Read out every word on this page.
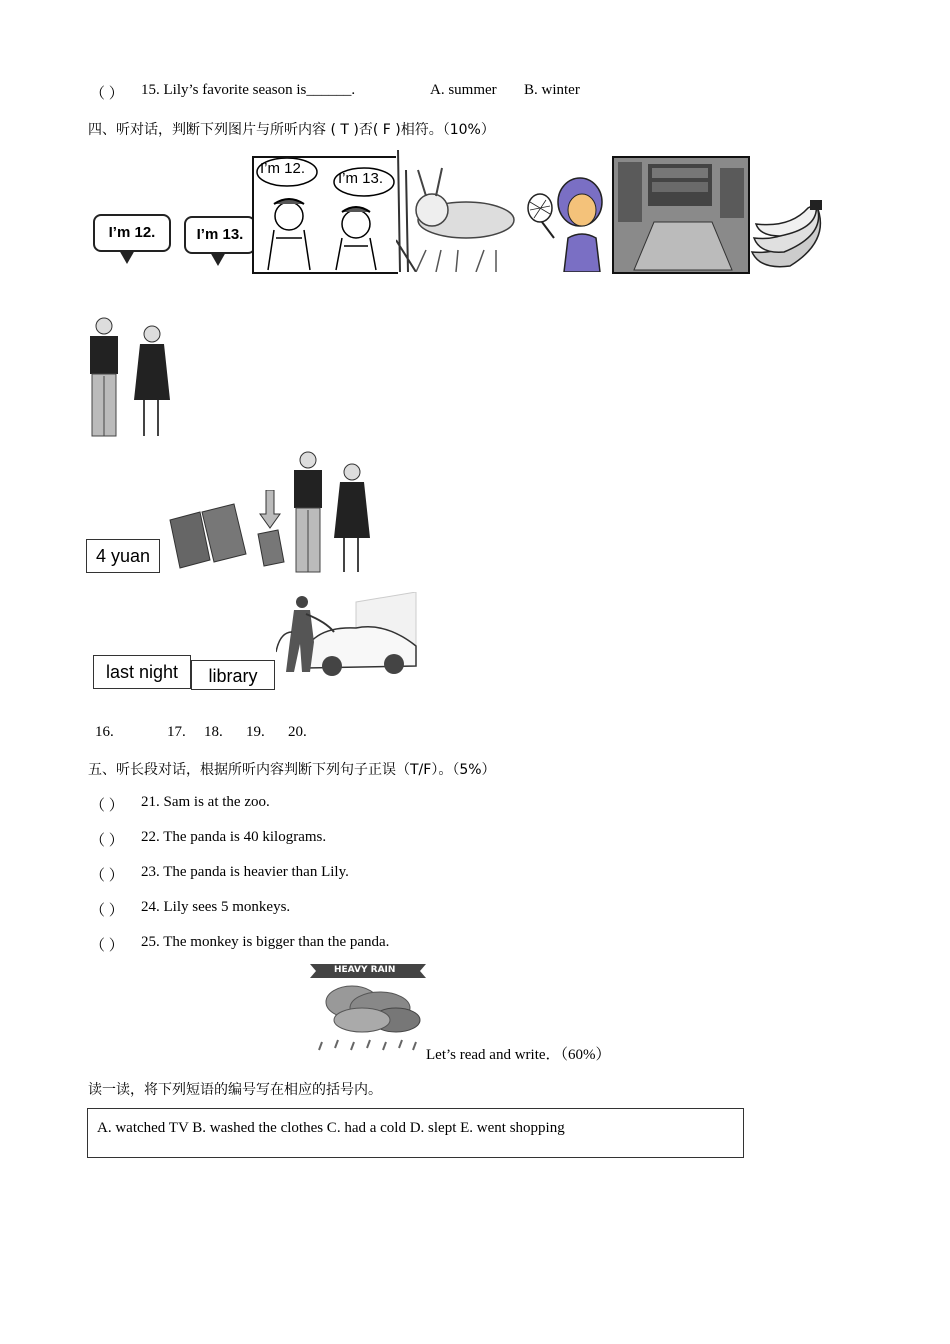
（ ） 15. Lily’s favorite season is______.	A. summer B. winter
四、听对话，判断下列图片与所听内容 ( T )否( F )相符。（10%）
I’m 12.	I’m 13.
I’m 12.
I’m 13.
4 yuan
last night	library
16.	17. 18. 19. 20.
五、听长段对话，根据所听内容判断下列句子正误（T/F）。（5%）
（ ） 21. Sam is at the zoo.
（ ） 22. The panda is 40 kilograms.
（ ） 23. The panda is heavier than Lily.
（ ） 24. Lily sees 5 monkeys.
（ ） 25. The monkey is bigger than the panda.
HEAVY RAIN
Let’s read and write．（60%）
读一读，将下列短语的编号写在相应的括号内。
A. watched TV B. washed the clothes C. had a cold D. slept E. went shopping
